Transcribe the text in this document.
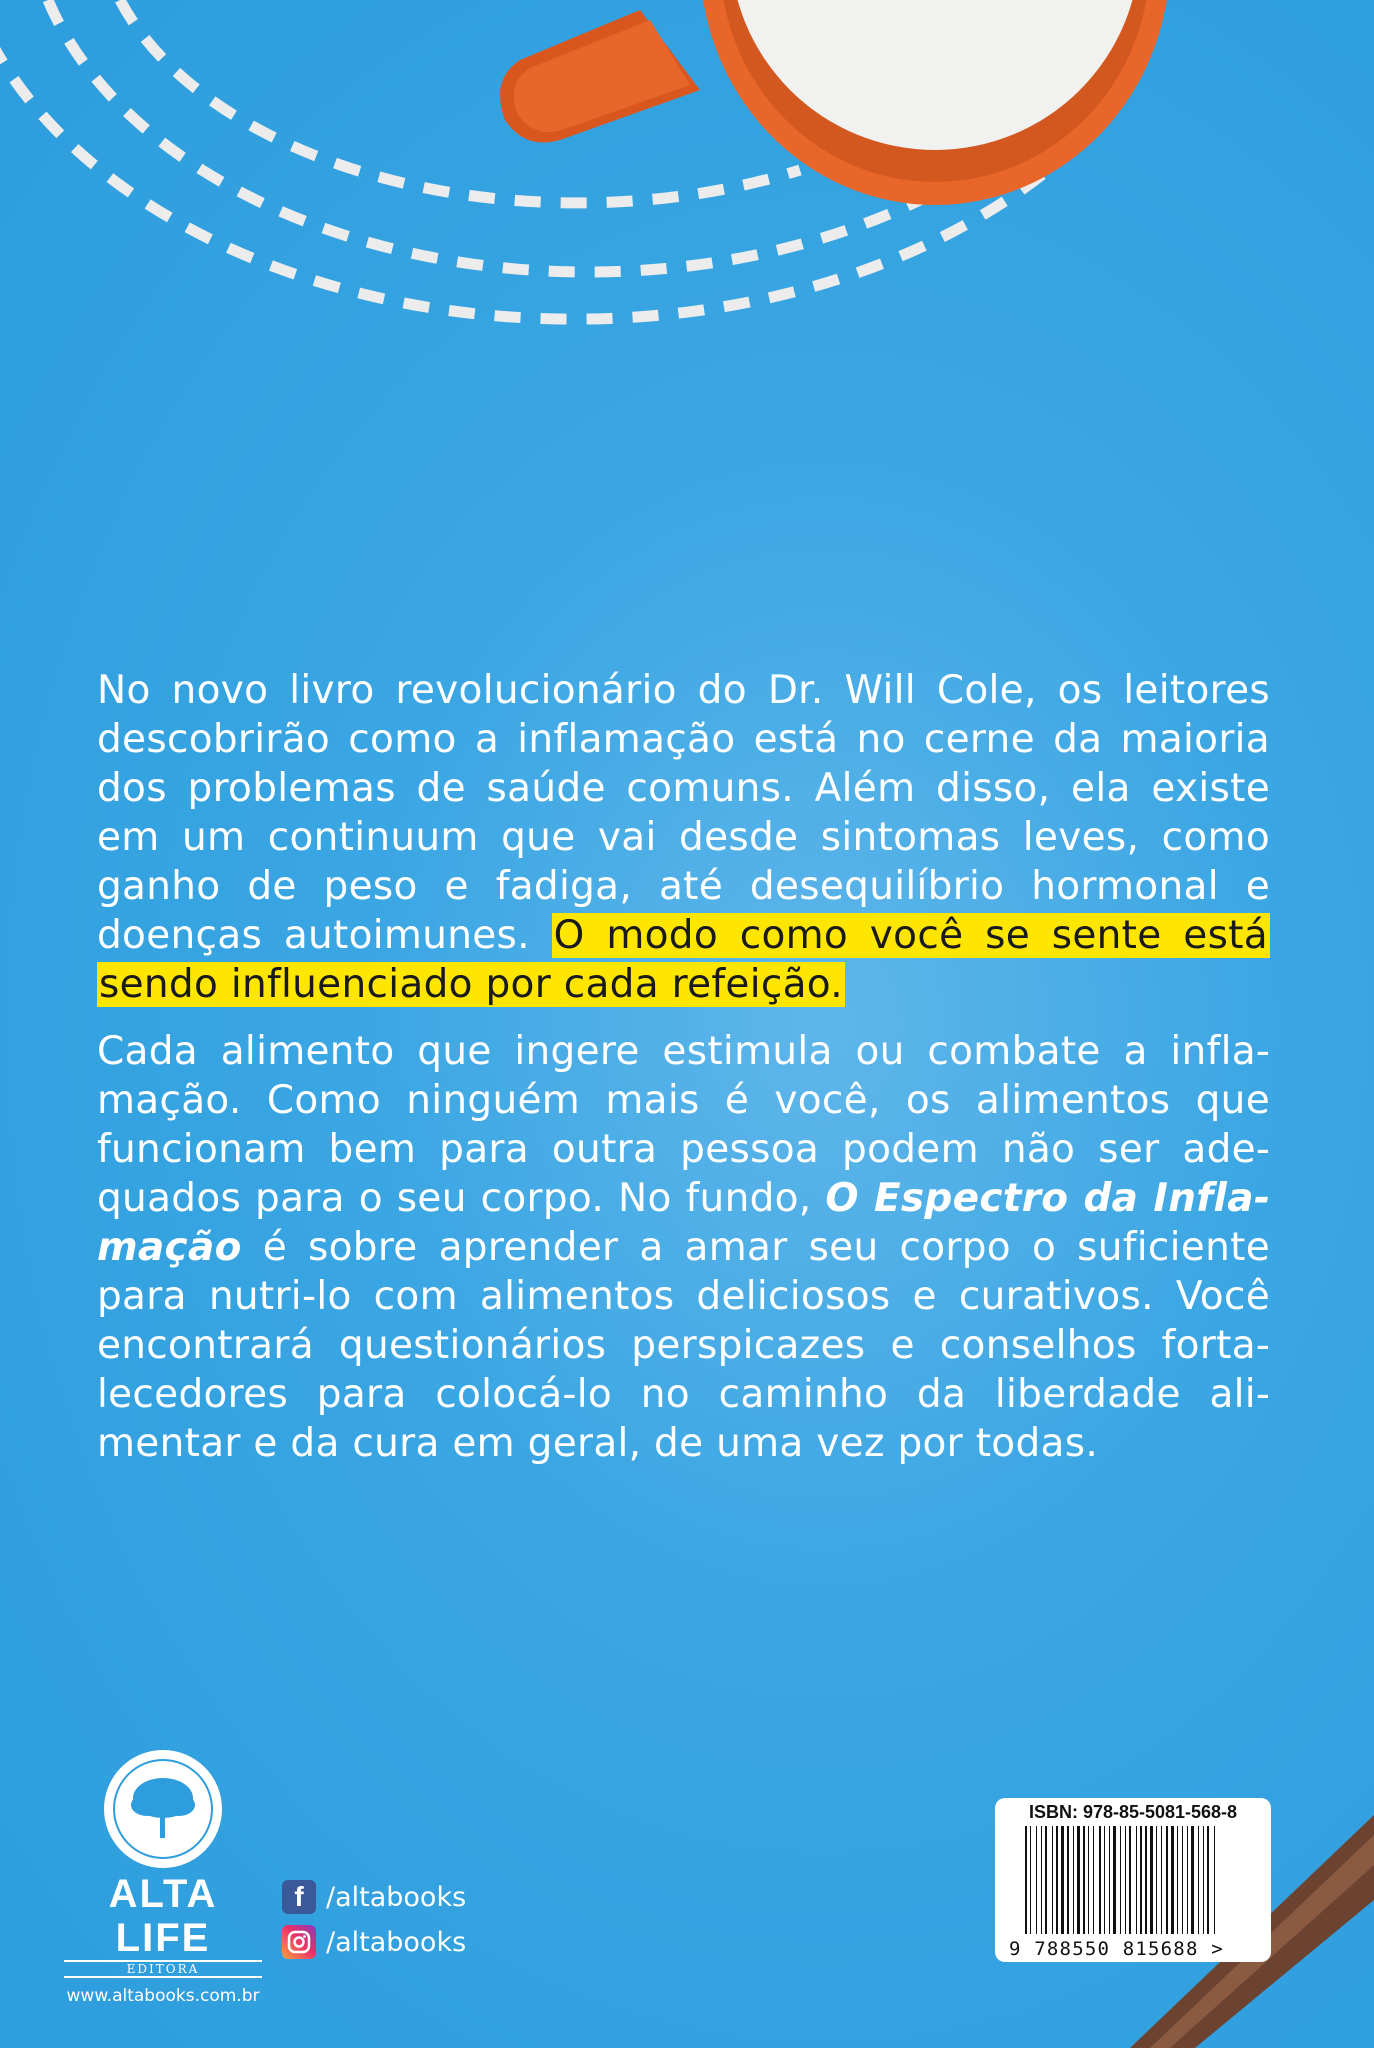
No novo livro revolucionário do Dr. Will Cole, os leitores descobrirão como a inflamação está no cerne da maioria dos problemas de saúde comuns. Além disso, ela existe em um continuum que vai desde sintomas leves, como ganho de peso e fadiga, até desequilíbrio hormonal e doenças autoimunes. O modo como você se sente está sendo influenciado por cada refeição.

Cada alimento que ingere estimula ou combate a inflamação. Como ninguém mais é você, os alimentos que funcionam bem para outra pessoa podem não ser adequados para o seu corpo. No fundo, O Espectro da Inflamação é sobre aprender a amar seu corpo o suficiente para nutri-lo com alimentos deliciosos e curativos. Você encontrará questionários perspicazes e conselhos fortalecedores para colocá-lo no caminho da liberdade alimentar e da cura em geral, de uma vez por todas.

ALTA LIFE
EDITORA
www.altabooks.com.br
f /altabooks
/altabooks
ISBN: 978-85-5081-568-8
9 788550 815688 >
